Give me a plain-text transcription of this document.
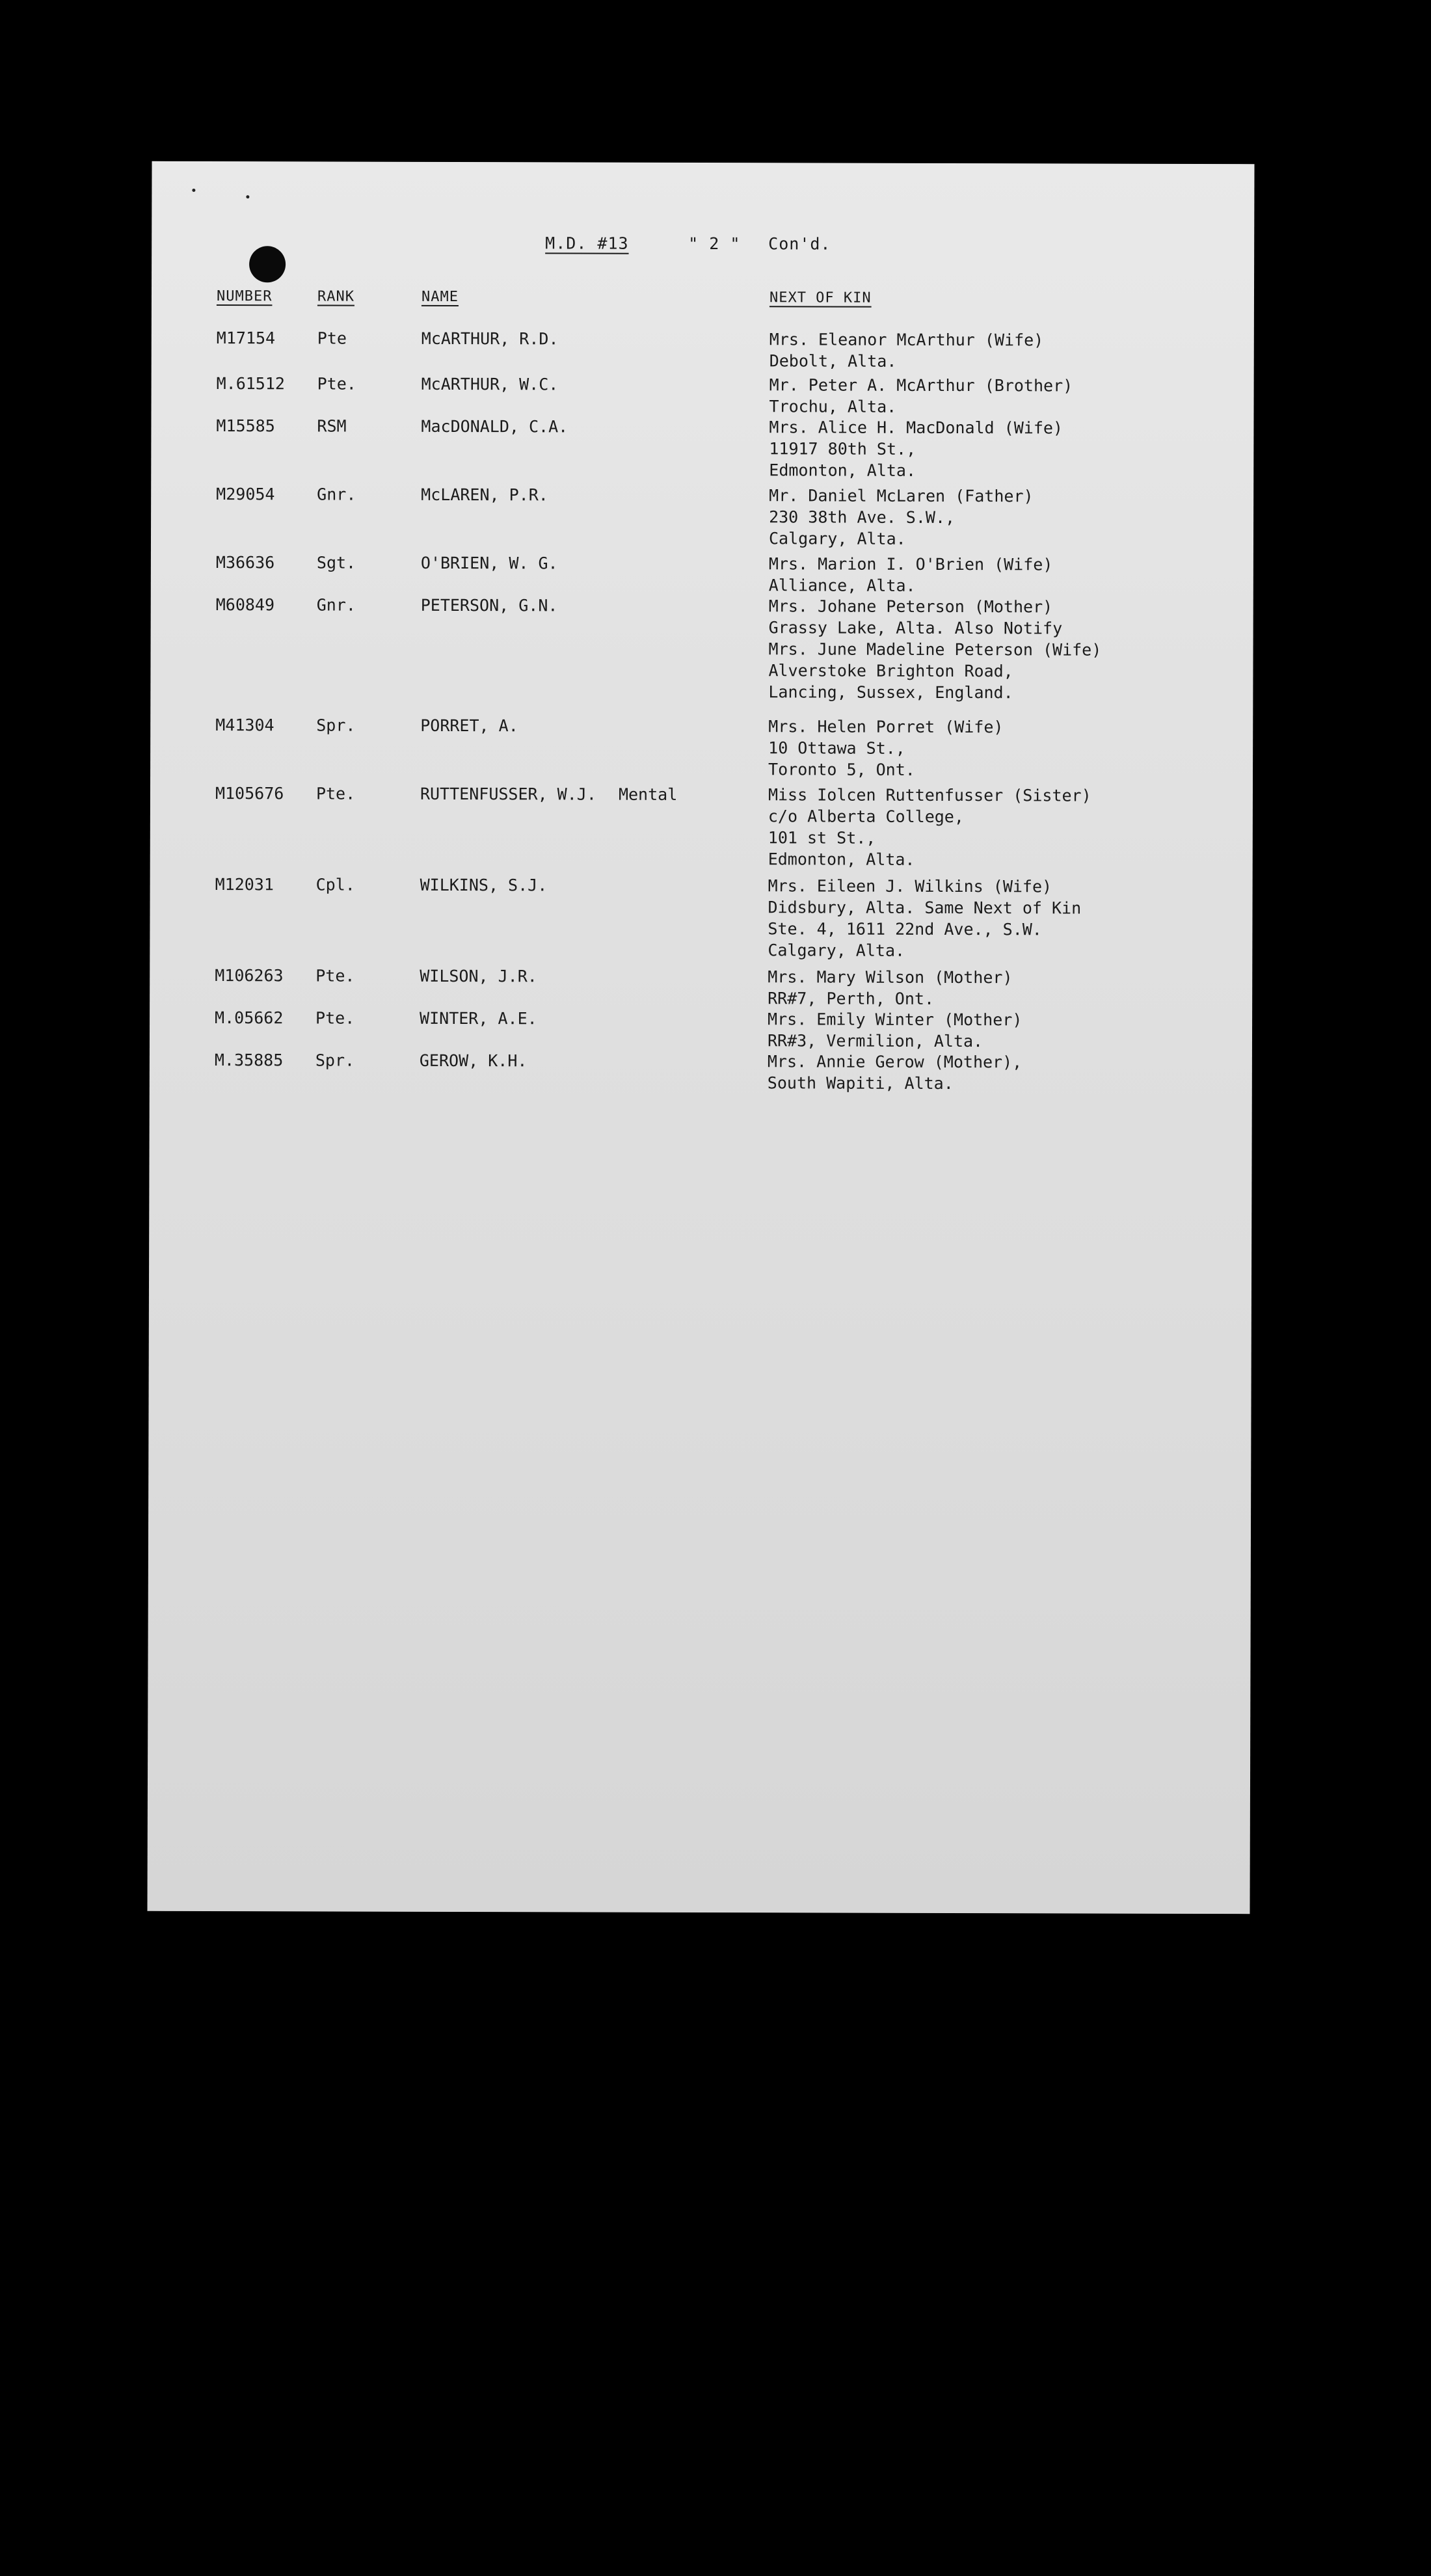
M.D. #13	" 2 " Con'd.
NUMBER	RANK	NAME	NEXT OF KIN
M17154	Pte	McARTHUR, R.D.	Mrs. Eleanor McArthur (Wife)
Debolt, Alta.
M.61512 Pte.	McARTHUR, W.C.	Mr. Peter A. McArthur (Brother)
Trochu, Alta.
M15585	RSM	MacDONALD, C.A.	Mrs. Alice H. MacDonald (Wife)
11917 80th St.,
Edmonton, Alta.
M29054	Gnr.	McLAREN, P.R.	Mr. Daniel McLaren (Father)
230 38th Ave. S.W.,
Calgary, Alta.
M36636	Sgt.	O'BRIEN, W. G.	Mrs. Marion I. O'Brien (Wife)
Alliance, Alta.
M60849	Gnr.	PETERSON, G.N.	Mrs. Johane Peterson (Mother)
Grassy Lake, Alta. Also Notify
Mrs. June Madeline Peterson (Wife)
Alverstoke Brighton Road,
Lancing, Sussex, England.
M41304	Spr.	PORRET, A.	Mrs. Helen Porret (Wife)
10 Ottawa St.,
Toronto 5, Ont.
M105676 Pte.	RUTTENFUSSER, W.J. Mental	Miss Iolcen Ruttenfusser (Sister)
c/o Alberta College,
101 st St.,
Edmonton, Alta.
M12031	Cpl.	WILKINS, S.J.	Mrs. Eileen J. Wilkins (Wife)
Didsbury, Alta. Same Next of Kin
Ste. 4, 1611 22nd Ave., S.W.
Calgary, Alta.
M106263 Pte.	WILSON, J.R.	Mrs. Mary Wilson (Mother)
RR#7, Perth, Ont.
M.05662 Pte.	WINTER, A.E.	Mrs. Emily Winter (Mother)
RR#3, Vermilion, Alta.
M.35885 Spr.	GEROW, K.H.	Mrs. Annie Gerow (Mother),
South Wapiti, Alta.
